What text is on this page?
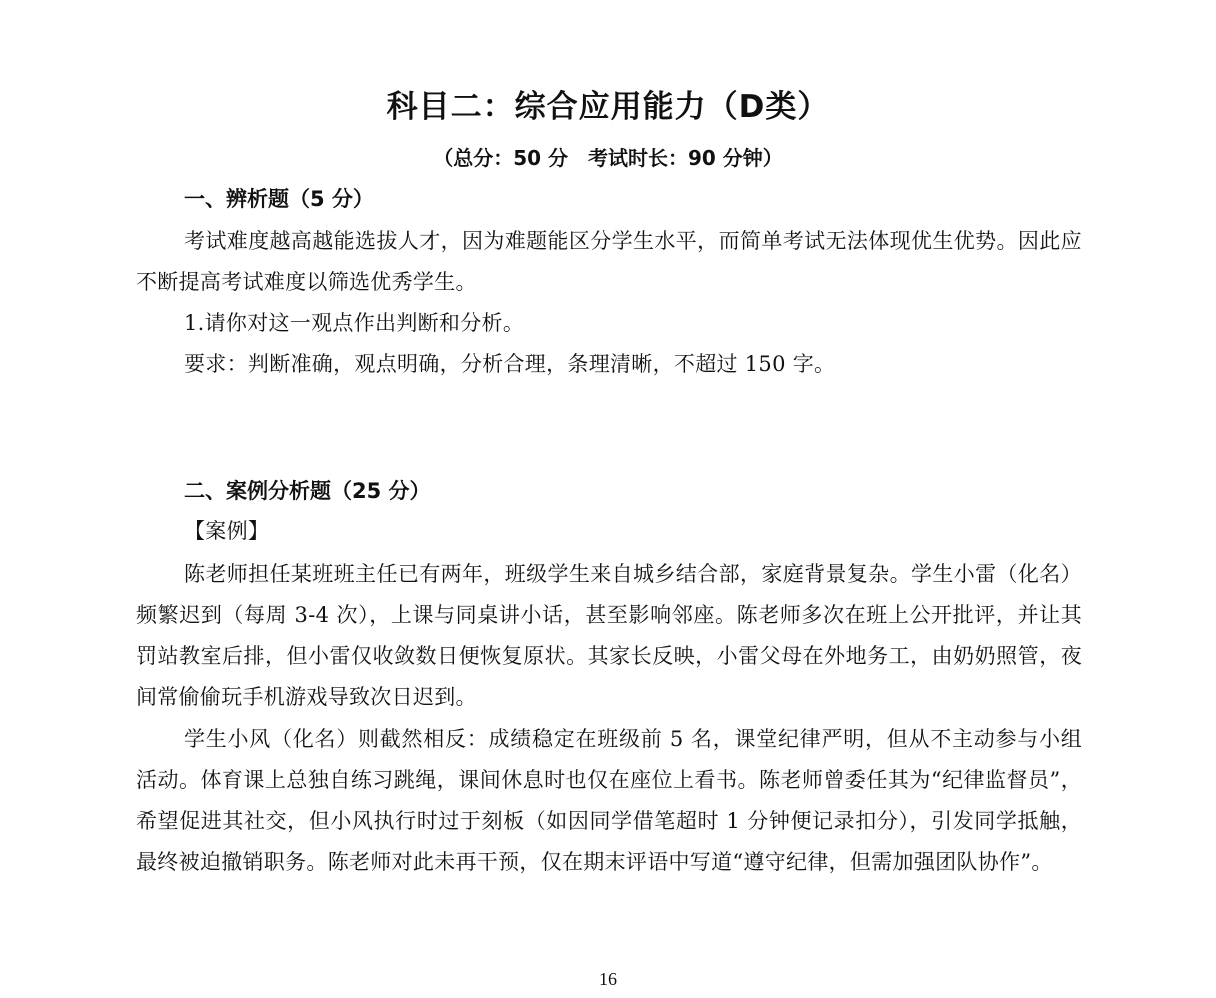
科目二：综合应用能力（D类）
（总分：50 分　考试时长：90 分钟）
一、辨析题（5 分）
考试难度越高越能选拔人才，因为难题能区分学生水平，而简单考试无法体现优生优势。因此应不断提高考试难度以筛选优秀学生。
1.请你对这一观点作出判断和分析。
要求：判断准确，观点明确，分析合理，条理清晰，不超过 150 字。
二、案例分析题（25 分）
【案例】
陈老师担任某班班主任已有两年，班级学生来自城乡结合部，家庭背景复杂。学生小雷（化名）频繁迟到（每周 3-4 次），上课与同桌讲小话，甚至影响邻座。陈老师多次在班上公开批评，并让其罚站教室后排，但小雷仅收敛数日便恢复原状。其家长反映，小雷父母在外地务工，由奶奶照管，夜间常偷偷玩手机游戏导致次日迟到。
学生小风（化名）则截然相反：成绩稳定在班级前 5 名，课堂纪律严明，但从不主动参与小组活动。体育课上总独自练习跳绳，课间休息时也仅在座位上看书。陈老师曾委任其为“纪律监督员”，希望促进其社交，但小风执行时过于刻板（如因同学借笔超时 1 分钟便记录扣分），引发同学抵触，最终被迫撤销职务。陈老师对此未再干预，仅在期末评语中写道“遵守纪律，但需加强团队协作”。
16
